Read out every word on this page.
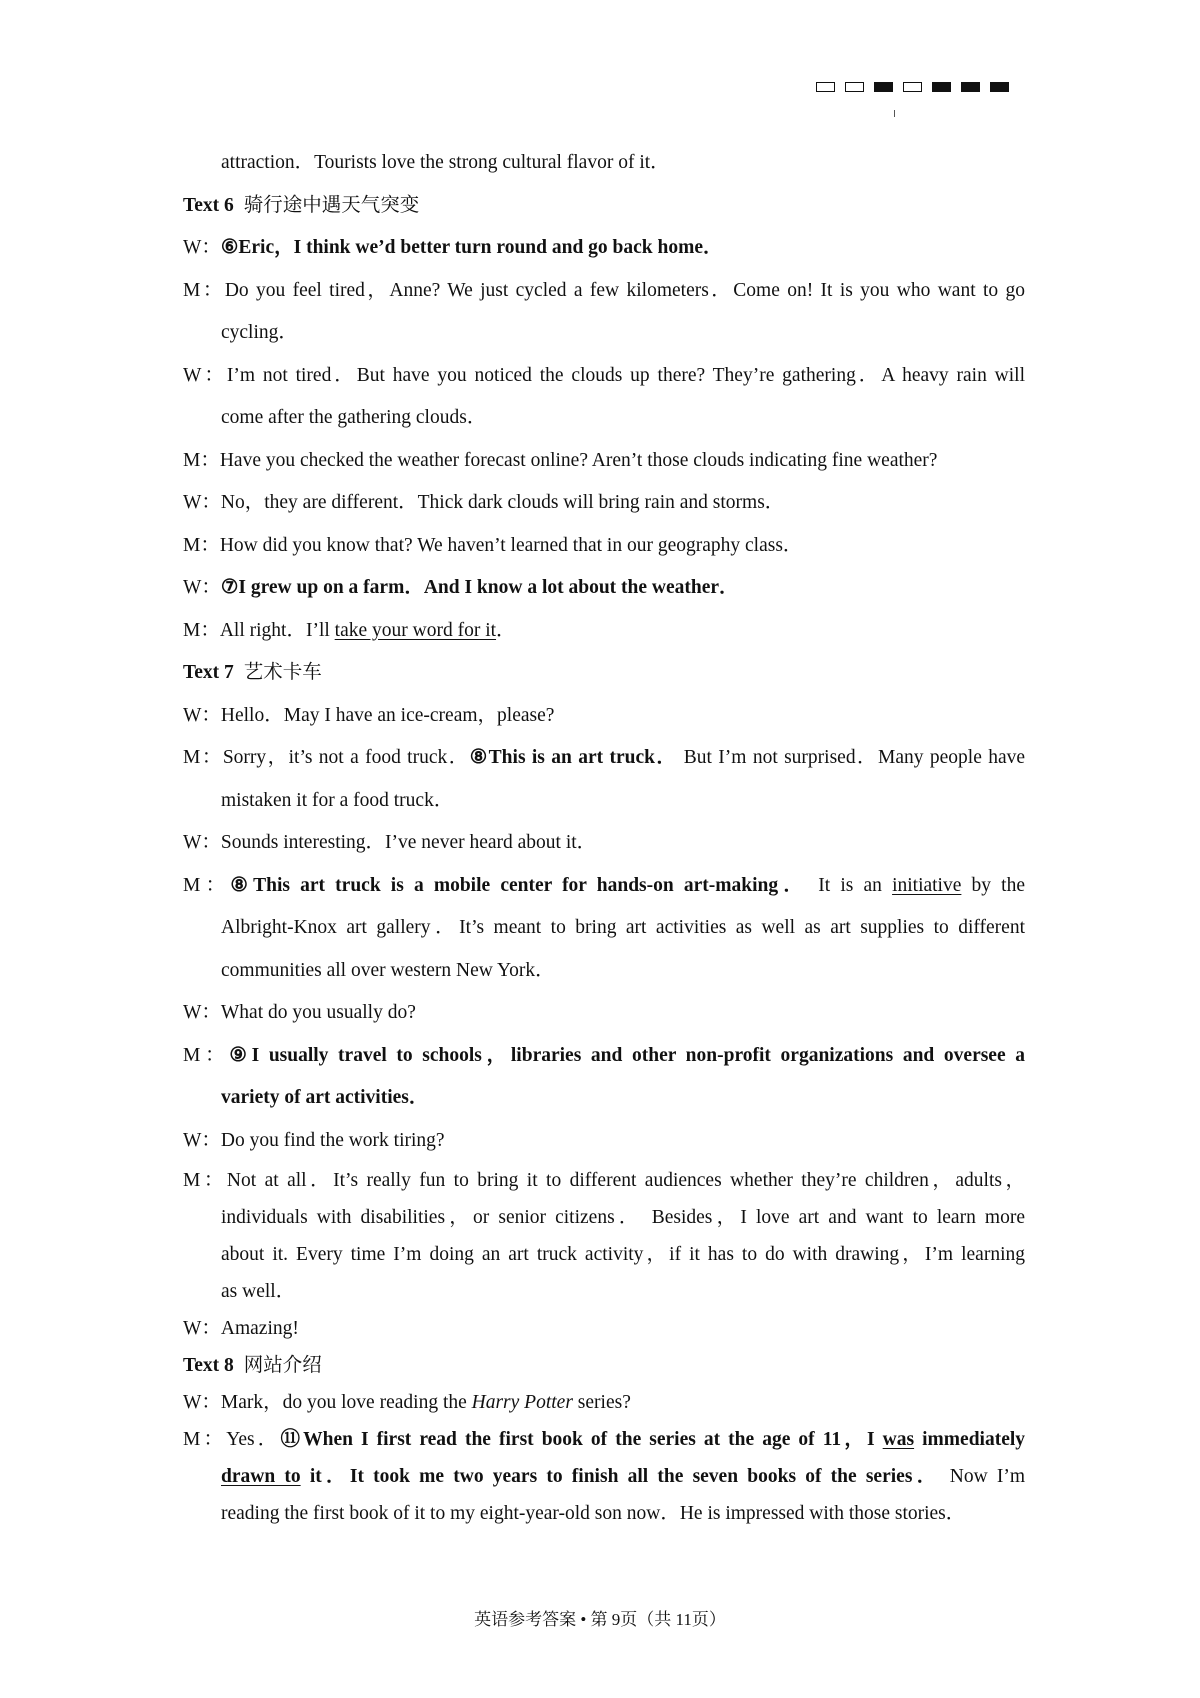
attraction．Tourists love the strong cultural flavor of it．

Text 6 骑行途中遇天气突变

W：⑥Eric，I think we’d better turn round and go back home．

M：Do you feel tired，Anne? We just cycled a few kilometers．Come on! It is you who want to go

cycling．

W：I’m not tired．But have you noticed the clouds up there? They’re gathering．A heavy rain will

come after the gathering clouds．

M：Have you checked the weather forecast online? Aren’t those clouds indicating fine weather?

W：No，they are different．Thick dark clouds will bring rain and storms．

M：How did you know that? We haven’t learned that in our geography class．

W：⑦I grew up on a farm．And I know a lot about the weather．

M：All right．I’ll take your word for it．

Text 7 艺术卡车

W：Hello．May I have an ice-cream，please?

M：Sorry，it’s not a food truck．⑧This is an art truck． But I’m not surprised．Many people have

mistaken it for a food truck．

W：Sounds interesting．I’ve never heard about it．

M：⑧This art truck is a mobile center for hands-on art-making． It is an initiative by the

Albright-Knox art gallery．It’s meant to bring art activities as well as art supplies to different

communities all over western New York．

W：What do you usually do?

M：⑨I usually travel to schools，libraries and other non-profit organizations and oversee a

variety of art activities．

W：Do you find the work tiring?

M：Not at all．It’s really fun to bring it to different audiences whether they’re children，adults，

individuals with disabilities，or senior citizens． Besides，I love art and want to learn more

about it. Every time I’m doing an art truck activity，if it has to do with drawing，I’m learning

as well．

W：Amazing!

Text 8 网站介绍

W：Mark，do you love reading the Harry Potter series?

M：Yes．⑪When I first read the first book of the series at the age of 11，I was immediately

drawn to it．It took me two years to finish all the seven books of the series． Now I’m

reading the first book of it to my eight-year-old son now．He is impressed with those stories．

英语参考答案 • 第 9页（共 11页）
